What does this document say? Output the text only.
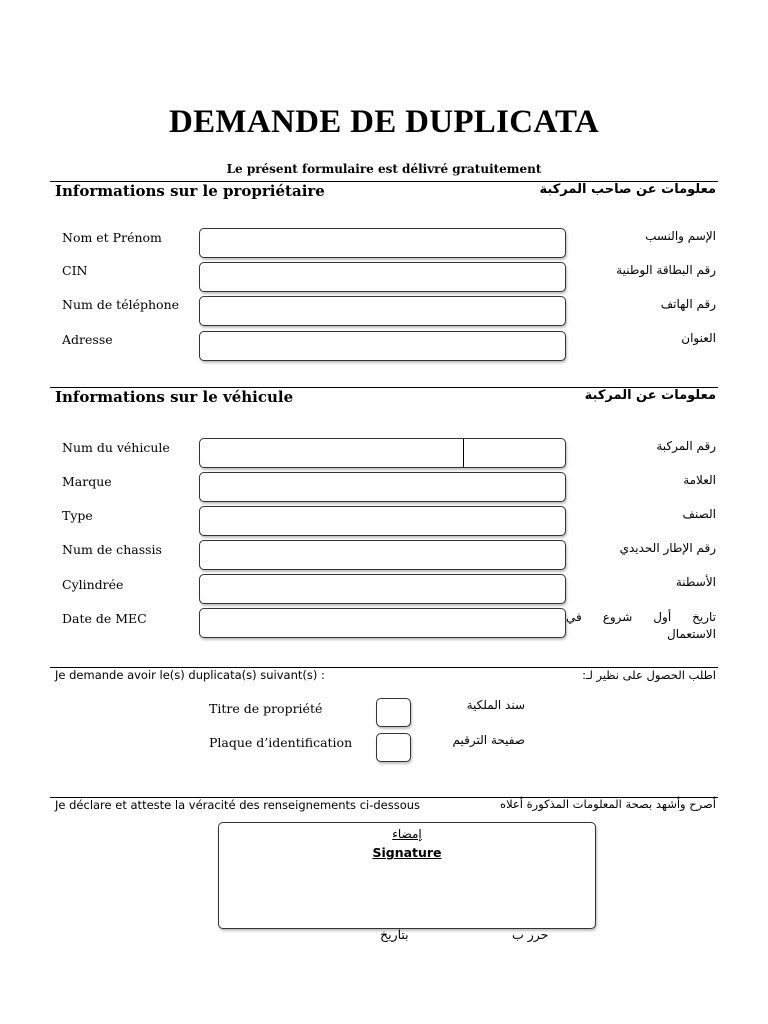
DEMANDE DE DUPLICATA
Le présent formulaire est délivré gratuitement
Informations sur le propriétaire	معلومات عن صاحب المركبة
Nom et Prénom	الإسم والنسب
CIN	رقم البطاقة الوطنية
Num de téléphone	رقم الهاتف
Adresse	العنوان
Informations sur le véhicule	معلومات عن المركبة
Num du véhicule	رقم المركبة
Marque	العلامة
Type	الصنف
Num de chassis	رقم الإطار الحديدي
Cylindrée	الأسطنة
Date de MEC	تاريخ أول شروع في الاستعمال
Je demande avoir le(s) duplicata(s) suivant(s) :	اطلب الحصول على نظير لـ:
Titre de propriété	سند الملكية
Plaque d’identification	صفيحة الترقيم
Je déclare et atteste la véracité des renseignements ci-dessous	أصرح وأشهد بصحة المعلومات المذكورة أعلاه
إمضاء
Signature
بتاريخ	حرر ب
